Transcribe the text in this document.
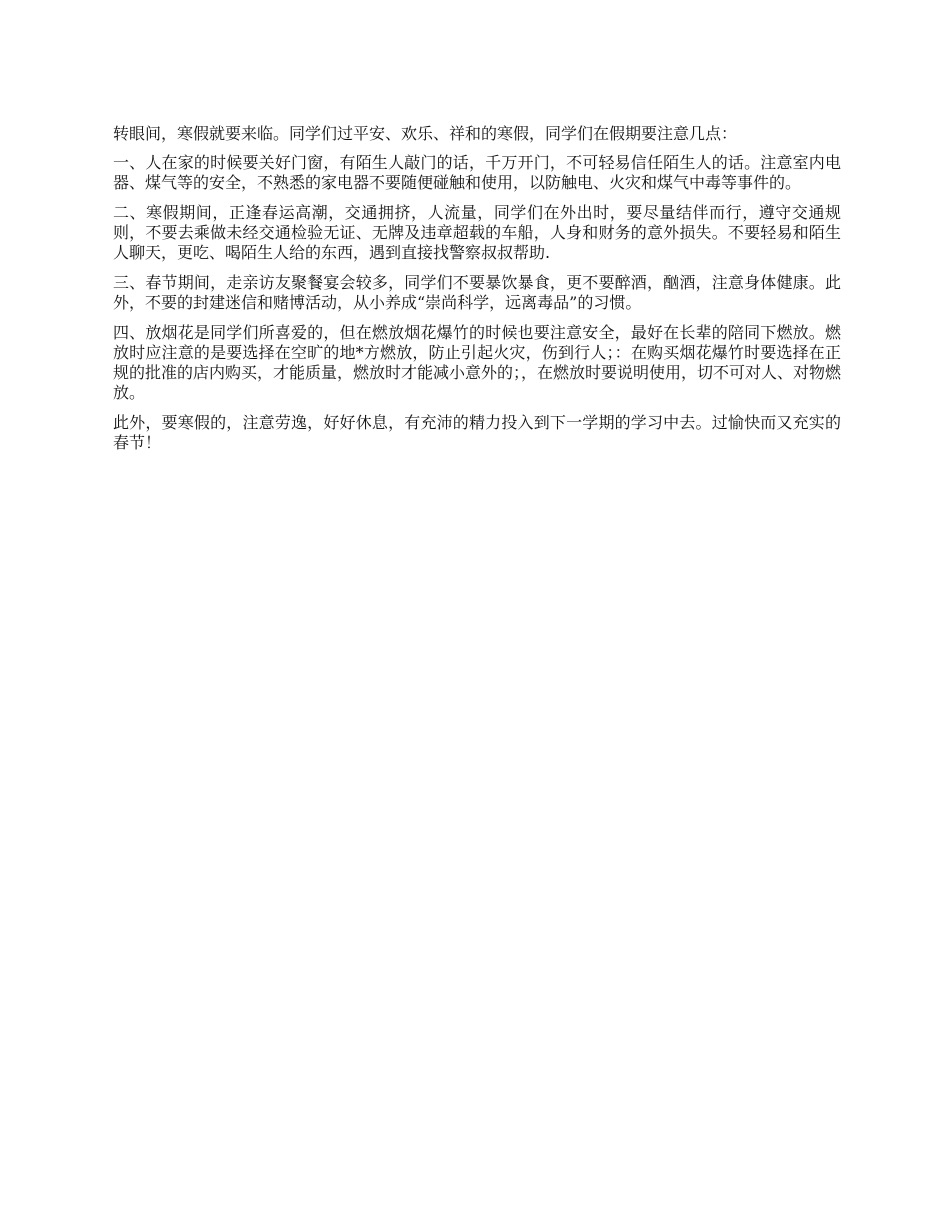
转眼间，寒假就要来临。同学们过平安、欢乐、祥和的寒假，同学们在假期要注意几点：

一、人在家的时候要关好门窗，有陌生人敲门的话，千万开门，不可轻易信任陌生人的话。注意室内电器、煤气等的安全，不熟悉的家电器不要随便碰触和使用，以防触电、火灾和煤气中毒等事件的。

二、寒假期间，正逢春运高潮，交通拥挤，人流量，同学们在外出时，要尽量结伴而行，遵守交通规则，不要去乘做未经交通检验无证、无牌及违章超载的车船，人身和财务的意外损失。不要轻易和陌生人聊天，更吃、喝陌生人给的东西，遇到直接找警察叔叔帮助.

三、春节期间，走亲访友聚餐宴会较多，同学们不要暴饮暴食，更不要醉酒，酗酒，注意身体健康。此外，不要的封建迷信和赌博活动，从小养成“崇尚科学，远离毒品”的习惯。

四、放烟花是同学们所喜爱的，但在燃放烟花爆竹的时候也要注意安全，最好在长辈的陪同下燃放。燃放时应注意的是要选择在空旷的地*方燃放，防止引起火灾，伤到行人；：在购买烟花爆竹时要选择在正规的批准的店内购买，才能质量，燃放时才能减小意外的；，在燃放时要说明使用，切不可对人、对物燃放。

此外，要寒假的，注意劳逸，好好休息，有充沛的精力投入到下一学期的学习中去。过愉快而又充实的春节！
